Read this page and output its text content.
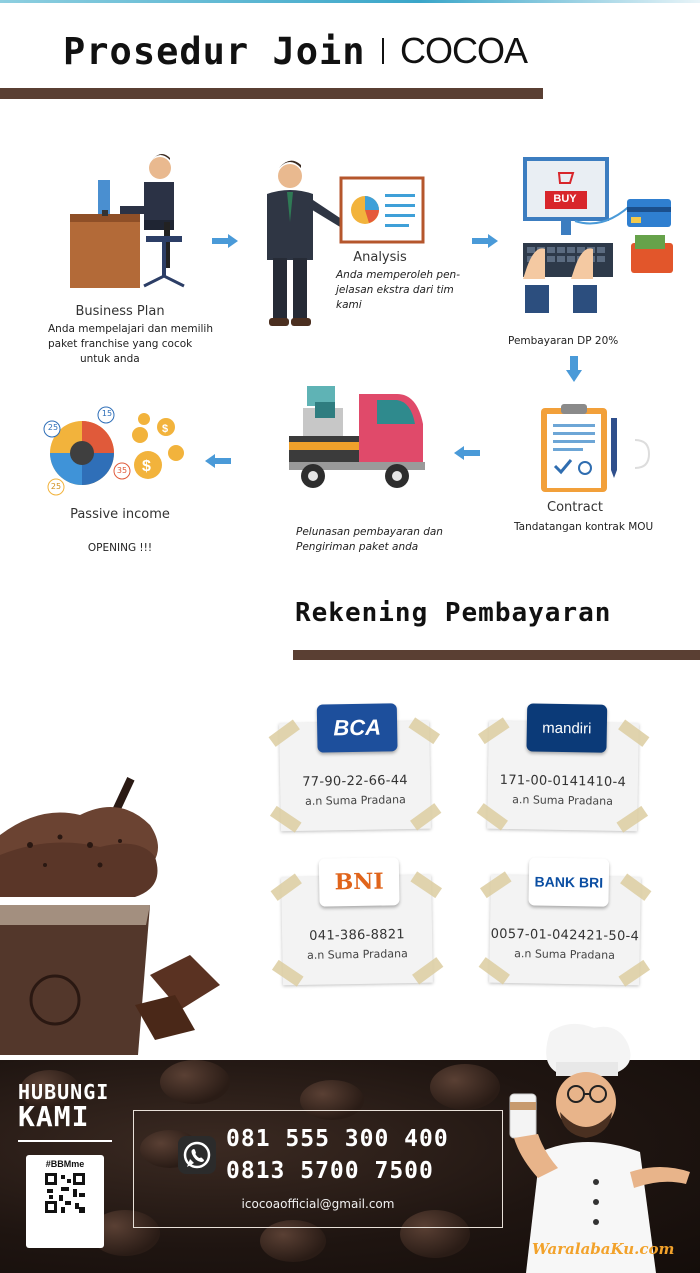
Prosedur Join COCOA
Business Plan
Anda mempelajari dan memilih
paket franchise yang cocok
untuk anda
Analysis
Anda memperoleh pen-
jelasan ekstra dari tim
kami
BUY
Pembayaran DP 20%
Contract
Tandatangan kontrak MOU
Pelunasan pembayaran dan
Pengiriman paket anda
$
$
15
25
35
25
Passive income
OPENING !!!
Rekening Pembayaran
BCA
77-90-22-66-44
a.n Suma Pradana
mandiri
171-00-0141410-4
a.n Suma Pradana
BNI
041-386-8821
a.n Suma Pradana
BANK BRI
0057-01-042421-50-4
a.n Suma Pradana
HUBUNGI
KAMI
#BBMme
081 555 300 400
0813 5700 7500
icocoaofficial@gmail.com
WaralabaKu.com
